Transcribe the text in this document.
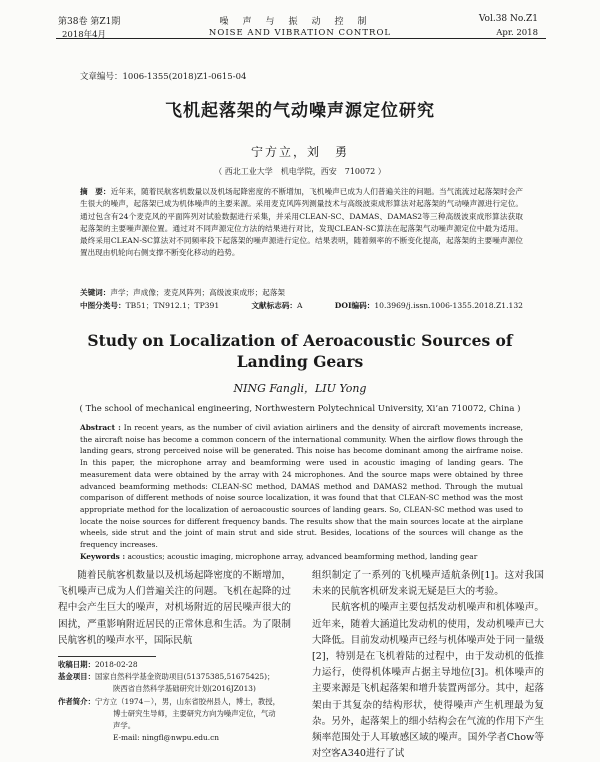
第38卷 第Z1期
2018年4月
噪声与振动控制
NOISE AND VIBRATION CONTROL
Vol.38 No.Z1
Apr. 2018
文章编号：1006-1355(2018)Z1-0615-04
飞机起落架的气动噪声源定位研究
宁方立，刘　勇
（ 西北工业大学　机电学院，西安　710072 ）
摘　要：近年来，随着民航客机数量以及机场起降密度的不断增加，飞机噪声已成为人们普遍关注的问题。当气流流过起落架时会产生很大的噪声，起落架已成为机体噪声的主要来源。采用麦克风阵列测量技术与高级波束成形算法对起落架的气动噪声源进行定位。通过包含有24个麦克风的平面阵列对试验数据进行采集，并采用CLEAN-SC、DAMAS、DAMAS2等三种高级波束成形算法获取起落架的主要噪声源位置。通过对不同声源定位方法的结果进行对比，发现CLEAN-SC算法在起落架气动噪声源定位中最为适用。最终采用CLEAN-SC算法对不同频率段下起落架的噪声源进行定位。结果表明，随着频率的不断变化提高，起落架的主要噪声源位置出现由机轮向右侧支撑不断变化移动的趋势。
关键词：声学；声成像；麦克风阵列；高级波束成形；起落架
中图分类号：TB51；TN912.1；TP391	文献标志码：A	DOI编码：10.3969/j.issn.1006-1355.2018.Z1.132
Study on Localization of Aeroacoustic Sources of
Landing Gears
NING Fangli，LIU Yong
( The school of mechanical engineering, Northwestern Polytechnical University, Xi’an 710072, China )
Abstract : In recent years, as the number of civil aviation airliners and the density of aircraft movements increase, the aircraft noise has become a common concern of the international community. When the airflow flows through the landing gears, strong perceived noise will be generated. This noise has become dominant among the airframe noise. In this paper, the microphone array and beamforming were used in acoustic imaging of landing gears. The measurement data were obtained by the array with 24 microphones. And the source maps were obtained by three advanced beamforming methods: CLEAN-SC method, DAMAS method and DAMAS2 method. Through the mutual comparison of different methods of noise source localization, it was found that that CLEAN-SC method was the most appropriate method for the localization of aeroacoustic sources of landing gears. So, CLEAN-SC method was used to locate the noise sources for different frequency bands. The results show that the main sources locate at the airplane wheels, side strut and the joint of main strut and side strut. Besides, locations of the sources will change as the frequency increases.
Keywords : acoustics; acoustic imaging, microphone array, advanced beamforming method, landing gear
随着民航客机数量以及机场起降密度的不断增加，飞机噪声已成为人们普遍关注的问题。飞机在起降的过程中会产生巨大的噪声，对机场附近的居民噪声很大的困扰，严重影响附近居民的正常休息和生活。为了限制民航客机的噪声水平，国际民航
收稿日期：2018-02-28
基金项目：国家自然科学基金资助项目(51375385,51675425)；
陕西省自然科学基础研究计划(2016JZ013)
作者简介：宁方立（1974－），男，山东省胶州县人，博士，教授，
博士研究生导师，主要研究方向为噪声定位，气动
声学。
E-mail: ningfl@nwpu.edu.cn

组织制定了一系列的飞机噪声适航条例[1]。这对我国未来的民航客机研发来说无疑是巨大的考验。

民航客机的噪声主要包括发动机噪声和机体噪声。近年来，随着大涵道比发动机的使用，发动机噪声已大大降低。目前发动机噪声已经与机体噪声处于同一量级[2]，特别是在飞机着陆的过程中，由于发动机的低推力运行，使得机体噪声占据主导地位[3]。机体噪声的主要来源是飞机起落架和增升装置两部分。其中，起落架由于其复杂的结构形状，使得噪声产生机理最为复杂。另外，起落架上的细小结构会在气流的作用下产生频率范围处于人耳敏感区域的噪声。国外学者Chow等对空客A340进行了试
